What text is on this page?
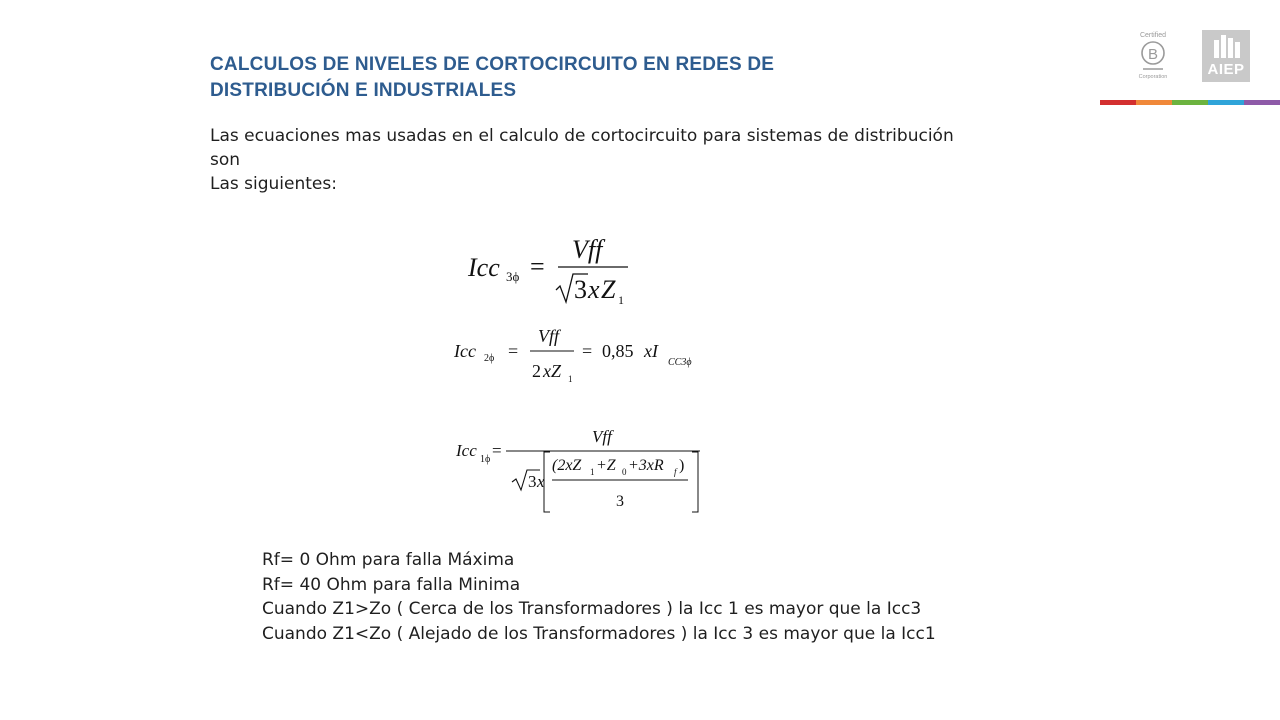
CALCULOS DE NIVELES DE CORTOCIRCUITO EN REDES DE
DISTRIBUCIÓN E INDUSTRIALES
Las ecuaciones mas usadas en el calculo de cortocircuito para sistemas de distribución
son
Las siguientes:
Icc 3ϕ =
Vff
3 x Z 1
Icc 2ϕ =
Vff
2 xZ 1
= 0,85 xI
CC3ϕ
Icc 1ϕ =
Vff
3 x
(2xZ 1 +Z 0 +3xR f )
3
Rf= 0 Ohm para falla Máxima
Rf= 40 Ohm para falla Minima
Cuando Z1>Zo ( Cerca de los Transformadores ) la Icc 1 es mayor que la Icc3
Cuando Z1<Zo ( Alejado de los Transformadores ) la Icc 3 es mayor que la Icc1
Certified
B
Corporation	AIEP
